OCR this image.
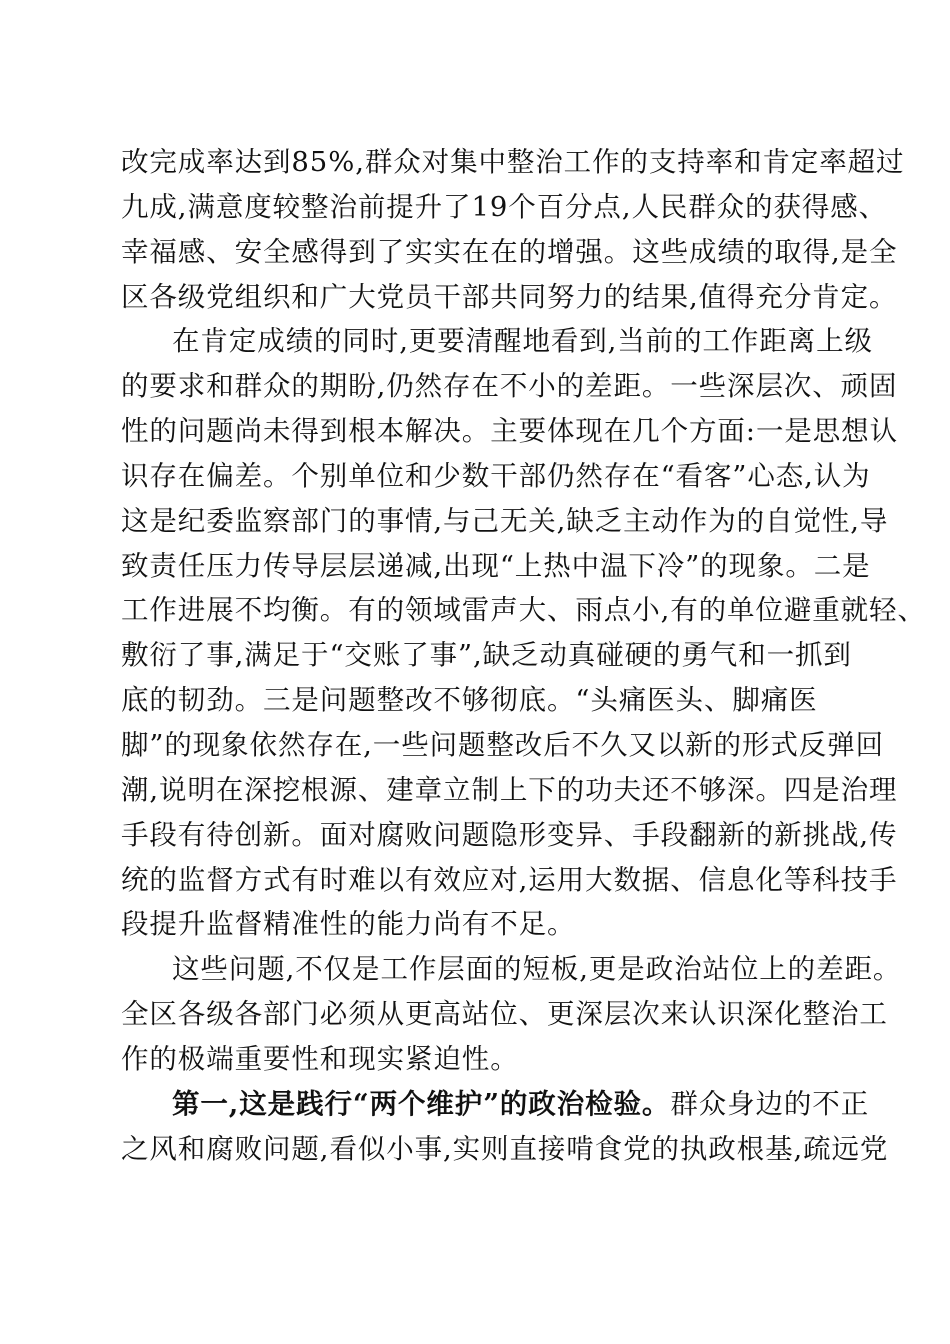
改完成率达到85%,群众对集中整治工作的支持率和肯定率超过
九成,满意度较整治前提升了19个百分点,人民群众的获得感、
幸福感、安全感得到了实实在在的增强。这些成绩的取得,是全
区各级党组织和广大党员干部共同努力的结果,值得充分肯定。
在肯定成绩的同时,更要清醒地看到,当前的工作距离上级
的要求和群众的期盼,仍然存在不小的差距。一些深层次、顽固
性的问题尚未得到根本解决。主要体现在几个方面:一是思想认
识存在偏差。个别单位和少数干部仍然存在“看客”心态,认为
这是纪委监察部门的事情,与己无关,缺乏主动作为的自觉性,导
致责任压力传导层层递减,出现“上热中温下冷”的现象。二是
工作进展不均衡。有的领域雷声大、雨点小,有的单位避重就轻、
敷衍了事,满足于“交账了事”,缺乏动真碰硬的勇气和一抓到
底的韧劲。三是问题整改不够彻底。“头痛医头、脚痛医
脚”的现象依然存在,一些问题整改后不久又以新的形式反弹回
潮,说明在深挖根源、建章立制上下的功夫还不够深。四是治理
手段有待创新。面对腐败问题隐形变异、手段翻新的新挑战,传
统的监督方式有时难以有效应对,运用大数据、信息化等科技手
段提升监督精准性的能力尚有不足。
这些问题,不仅是工作层面的短板,更是政治站位上的差距。
全区各级各部门必须从更高站位、更深层次来认识深化整治工
作的极端重要性和现实紧迫性。
第一,这是践行“两个维护”的政治检验。群众身边的不正
之风和腐败问题,看似小事,实则直接啃食党的执政根基,疏远党
